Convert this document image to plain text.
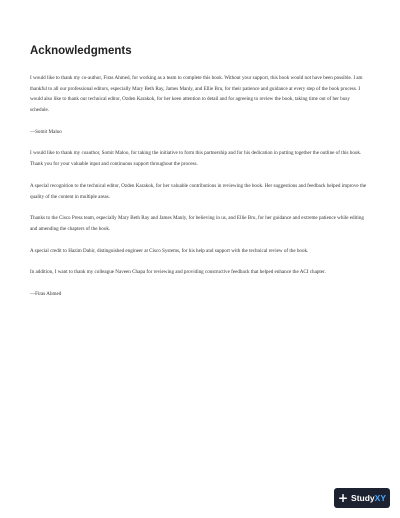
Acknowledgments

I would like to thank my co-author, Firas Ahmed, for working as a team to complete this book. Without your support, this book would not have been possible. I am thankful to all our professional editors, especially Mary Beth Ray, James Manly, and Ellie Bru, for their patience and guidance at every step of the book process. I would also like to thank our technical editor, Ozden Karakok, for her keen attention to detail and for agreeing to review the book, taking time out of her busy schedule.

—Somit Maloo

I would like to thank my coauthor, Somit Maloo, for taking the initiative to form this partnership and for his dedication in putting together the outline of this book. Thank you for your valuable input and continuous support throughout the process.

A special recognition to the technical editor, Ozden Karakok, for her valuable contributions in reviewing the book. Her suggestions and feedback helped improve the quality of the content in multiple areas.

Thanks to the Cisco Press team, especially Mary Beth Ray and James Manly, for believing in us, and Ellie Bru, for her guidance and extreme patience while editing and amending the chapters of the book.

A special credit to Hazim Dahir, distinguished engineer at Cisco Systems, for his help and support with the technical review of the book.

In addition, I want to thank my colleague Naveen Chapa for reviewing and providing constructive feedback that helped enhance the ACI chapter.

—Firas Ahmed

+ StudyXY
